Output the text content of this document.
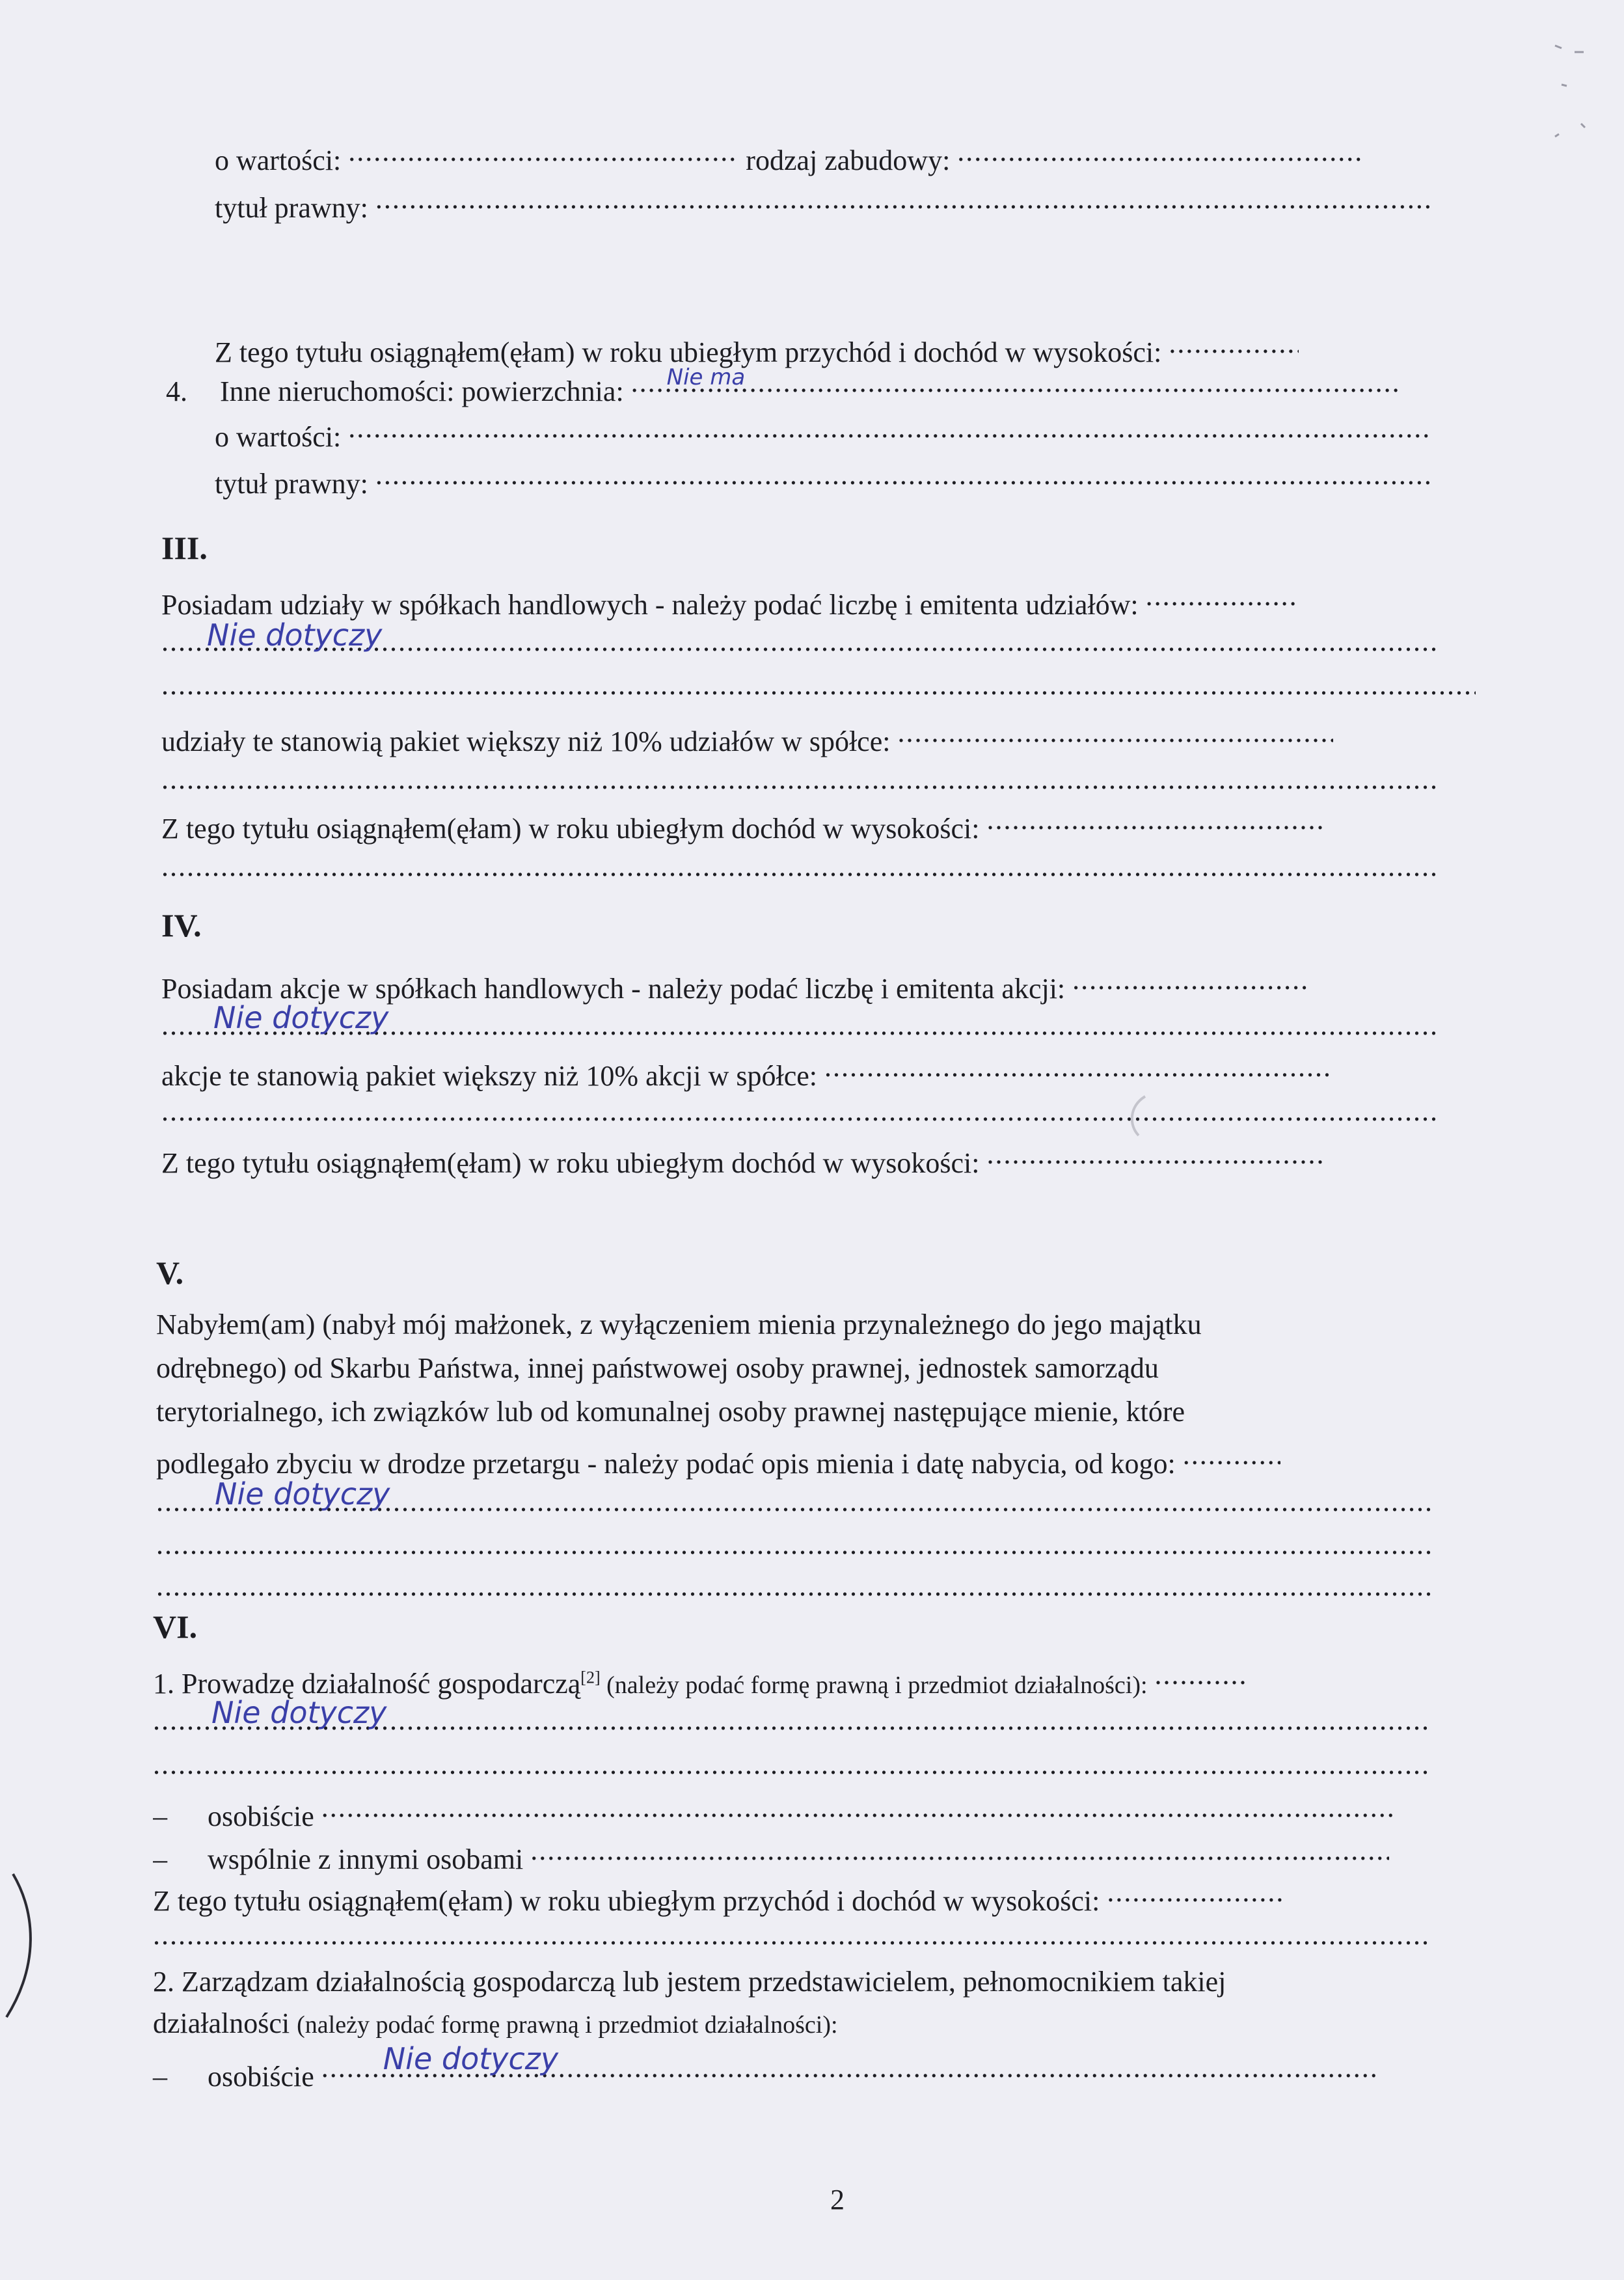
o wartości: .....	rodzaj zabudowy: .....
tytuł prawny: .....
Z tego tytułu osiągnąłem(ęłam) w roku ubiegłym przychód i dochód w wysokości: .....
4. Inne nieruchomości: powierzchnia: ..... Nie ma
o wartości: .....
tytuł prawny: .....
III.
Posiadam udziały w spółkach handlowych - należy podać liczbę i emitenta udziałów: .....
.....
Nie dotyczy
.....
udziały te stanowią pakiet większy niż 10% udziałów w spółce: .....
.....
Z tego tytułu osiągnąłem(ęłam) w roku ubiegłym dochód w wysokości: .....
.....
IV.
Posiadam akcje w spółkach handlowych - należy podać liczbę i emitenta akcji: .....
.....
Nie dotyczy
akcje te stanowią pakiet większy niż 10% akcji w spółce: .....
.....
Z tego tytułu osiągnąłem(ęłam) w roku ubiegłym dochód w wysokości: .....
V.
Nabyłem(am) (nabył mój małżonek, z wyłączeniem mienia przynależnego do jego majątku
odrębnego) od Skarbu Państwa, innej państwowej osoby prawnej, jednostek samorządu
terytorialnego, ich związków lub od komunalnej osoby prawnej następujące mienie, które
podlegało zbyciu w drodze przetargu - należy podać opis mienia i datę nabycia, od kogo: .....
.....
Nie dotyczy
.....
.....
VI.
1. Prowadzę działalność gospodarczą[2] (należy podać formę prawną i przedmiot działalności): .....
.....
Nie dotyczy
.....
– osobiście .....
– wspólnie z innymi osobami .....
Z tego tytułu osiągnąłem(ęłam) w roku ubiegłym przychód i dochód w wysokości: .....
.....
2. Zarządzam działalnością gospodarczą lub jestem przedstawicielem, pełnomocnikiem takiej
działalności (należy podać formę prawną i przedmiot działalności):
– osobiście .....
Nie dotyczy
2
